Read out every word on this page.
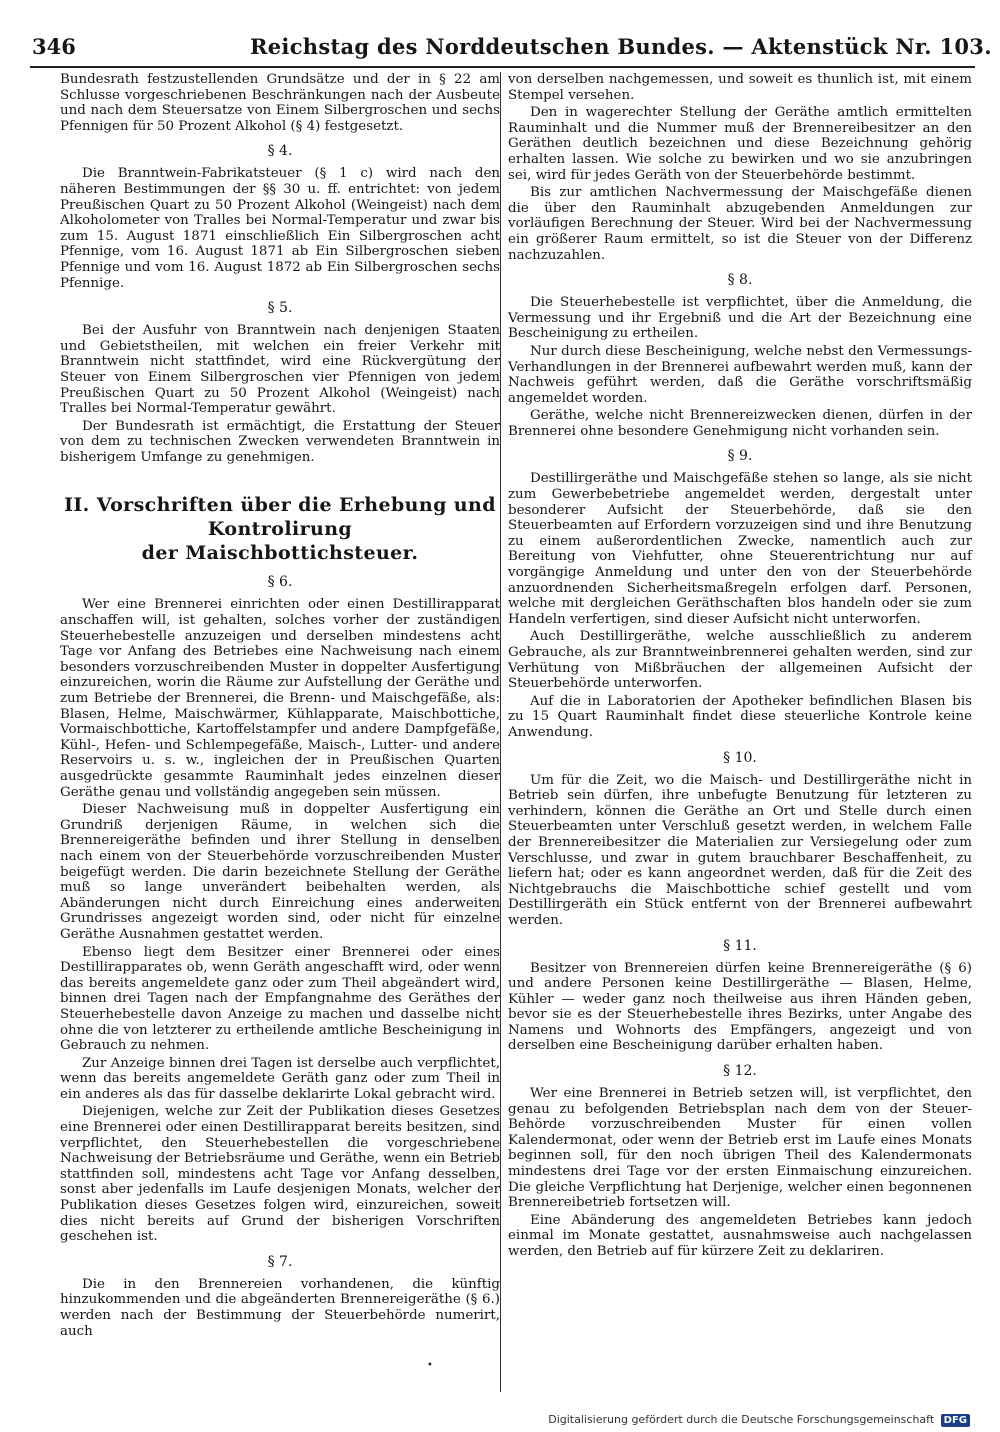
346	Reichstag des Norddeutschen Bundes. — Aktenstück Nr. 103.

Bundesrath festzustellenden Grundsätze und der in § 22 am Schlusse vorgeschriebenen Beschränkungen nach der Ausbeute und nach dem Steuersatze von Einem Silbergroschen und sechs Pfennigen für 50 Prozent Alkohol (§ 4) festgesetzt.

§ 4.

Die Branntwein-Fabrikatsteuer (§ 1 c) wird nach den näheren Bestimmungen der §§ 30 u. ff. entrichtet: von jedem Preußischen Quart zu 50 Prozent Alkohol (Weingeist) nach dem Alkoholometer von Tralles bei Normal-Temperatur und zwar bis zum 15. August 1871 einschließlich Ein Silbergroschen acht Pfennige, vom 16. August 1871 ab Ein Silbergroschen sieben Pfennige und vom 16. August 1872 ab Ein Silbergroschen sechs Pfennige.

§ 5.

Bei der Ausfuhr von Branntwein nach denjenigen Staaten und Gebietstheilen, mit welchen ein freier Verkehr mit Branntwein nicht stattfindet, wird eine Rückvergütung der Steuer von Einem Silbergroschen vier Pfennigen von jedem Preußischen Quart zu 50 Prozent Alkohol (Weingeist) nach Tralles bei Normal-Temperatur gewährt.

Der Bundesrath ist ermächtigt, die Erstattung der Steuer von dem zu technischen Zwecken verwendeten Branntwein in bisherigem Umfange zu genehmigen.

II. Vorschriften über die Erhebung und Kontrolirung
der Maischbottichsteuer.
§ 6.

Wer eine Brennerei einrichten oder einen Destillirapparat anschaffen will, ist gehalten, solches vorher der zuständigen Steuerhebestelle anzuzeigen und derselben mindestens acht Tage vor Anfang des Betriebes eine Nachweisung nach einem besonders vorzuschreibenden Muster in doppelter Ausfertigung einzureichen, worin die Räume zur Aufstellung der Geräthe und zum Betriebe der Brennerei, die Brenn- und Maischgefäße, als: Blasen, Helme, Maischwärmer, Kühlapparate, Maischbottiche, Vormaischbottiche, Kartoffelstampfer und andere Dampfgefäße, Kühl-, Hefen- und Schlempegefäße, Maisch-, Lutter- und andere Reservoirs u. s. w., ingleichen der in Preußischen Quarten ausgedrückte gesammte Rauminhalt jedes einzelnen dieser Geräthe genau und vollständig angegeben sein müssen.

Dieser Nachweisung muß in doppelter Ausfertigung ein Grundriß derjenigen Räume, in welchen sich die Brennereigeräthe befinden und ihrer Stellung in denselben nach einem von der Steuerbehörde vorzuschreibenden Muster beigefügt werden. Die darin bezeichnete Stellung der Geräthe muß so lange unverändert beibehalten werden, als Abänderungen nicht durch Einreichung eines anderweiten Grundrisses angezeigt worden sind, oder nicht für einzelne Geräthe Ausnahmen gestattet werden.

Ebenso liegt dem Besitzer einer Brennerei oder eines Destillirapparates ob, wenn Geräth angeschafft wird, oder wenn das bereits angemeldete ganz oder zum Theil abgeändert wird, binnen drei Tagen nach der Empfangnahme des Geräthes der Steuerhebestelle davon Anzeige zu machen und dasselbe nicht ohne die von letzterer zu ertheilende amtliche Bescheinigung in Gebrauch zu nehmen.

Zur Anzeige binnen drei Tagen ist derselbe auch verpflichtet, wenn das bereits angemeldete Geräth ganz oder zum Theil in ein anderes als das für dasselbe deklarirte Lokal gebracht wird.

Diejenigen, welche zur Zeit der Publikation dieses Gesetzes eine Brennerei oder einen Destillirapparat bereits besitzen, sind verpflichtet, den Steuerhebestellen die vorgeschriebene Nachweisung der Betriebsräume und Geräthe, wenn ein Betrieb stattfinden soll, mindestens acht Tage vor Anfang desselben, sonst aber jedenfalls im Laufe desjenigen Monats, welcher der Publikation dieses Gesetzes folgen wird, einzureichen, soweit dies nicht bereits auf Grund der bisherigen Vorschriften geschehen ist.

§ 7.

Die in den Brennereien vorhandenen, die künftig hinzukommenden und die abgeänderten Brennereigeräthe (§ 6.) werden nach der Bestimmung der Steuerbehörde numerirt, auch

von derselben nachgemessen, und soweit es thunlich ist, mit einem Stempel versehen.

Den in wagerechter Stellung der Geräthe amtlich ermittelten Rauminhalt und die Nummer muß der Brennereibesitzer an den Geräthen deutlich bezeichnen und diese Bezeichnung gehörig erhalten lassen. Wie solche zu bewirken und wo sie anzubringen sei, wird für jedes Geräth von der Steuerbehörde bestimmt.

Bis zur amtlichen Nachvermessung der Maischgefäße dienen die über den Rauminhalt abzugebenden Anmeldungen zur vorläufigen Berechnung der Steuer. Wird bei der Nachvermessung ein größerer Raum ermittelt, so ist die Steuer von der Differenz nachzuzahlen.

§ 8.

Die Steuerhebestelle ist verpflichtet, über die Anmeldung, die Vermessung und ihr Ergebniß und die Art der Bezeichnung eine Bescheinigung zu ertheilen.

Nur durch diese Bescheinigung, welche nebst den Vermessungs-Verhandlungen in der Brennerei aufbewahrt werden muß, kann der Nachweis geführt werden, daß die Geräthe vorschriftsmäßig angemeldet worden.

Geräthe, welche nicht Brennereizwecken dienen, dürfen in der Brennerei ohne besondere Genehmigung nicht vorhanden sein.

§ 9.

Destillirgeräthe und Maischgefäße stehen so lange, als sie nicht zum Gewerbebetriebe angemeldet werden, dergestalt unter besonderer Aufsicht der Steuerbehörde, daß sie den Steuerbeamten auf Erfordern vorzuzeigen sind und ihre Benutzung zu einem außerordentlichen Zwecke, namentlich auch zur Bereitung von Viehfutter, ohne Steuerentrichtung nur auf vorgängige Anmeldung und unter den von der Steuerbehörde anzuordnenden Sicherheitsmaßregeln erfolgen darf. Personen, welche mit dergleichen Geräthschaften blos handeln oder sie zum Handeln verfertigen, sind dieser Aufsicht nicht unterworfen.

Auch Destillirgeräthe, welche ausschließlich zu anderem Gebrauche, als zur Branntweinbrennerei gehalten werden, sind zur Verhütung von Mißbräuchen der allgemeinen Aufsicht der Steuerbehörde unterworfen.

Auf die in Laboratorien der Apotheker befindlichen Blasen bis zu 15 Quart Rauminhalt findet diese steuerliche Kontrole keine Anwendung.

§ 10.

Um für die Zeit, wo die Maisch- und Destillirgeräthe nicht in Betrieb sein dürfen, ihre unbefugte Benutzung für letzteren zu verhindern, können die Geräthe an Ort und Stelle durch einen Steuerbeamten unter Verschluß gesetzt werden, in welchem Falle der Brennereibesitzer die Materialien zur Versiegelung oder zum Verschlusse, und zwar in gutem brauchbarer Beschaffenheit, zu liefern hat; oder es kann angeordnet werden, daß für die Zeit des Nichtgebrauchs die Maischbottiche schief gestellt und vom Destillirgeräth ein Stück entfernt von der Brennerei aufbewahrt werden.

§ 11.

Besitzer von Brennereien dürfen keine Brennereigeräthe (§ 6) und andere Personen keine Destillirgeräthe — Blasen, Helme, Kühler — weder ganz noch theilweise aus ihren Händen geben, bevor sie es der Steuerhebestelle ihres Bezirks, unter Angabe des Namens und Wohnorts des Empfängers, angezeigt und von derselben eine Bescheinigung darüber erhalten haben.

§ 12.

Wer eine Brennerei in Betrieb setzen will, ist verpflichtet, den genau zu befolgenden Betriebsplan nach dem von der Steuer-Behörde vorzuschreibenden Muster für einen vollen Kalendermonat, oder wenn der Betrieb erst im Laufe eines Monats beginnen soll, für den noch übrigen Theil des Kalendermonats mindestens drei Tage vor der ersten Einmaischung einzureichen. Die gleiche Verpflichtung hat Derjenige, welcher einen begonnenen Brennereibetrieb fortsetzen will.

Eine Abänderung des angemeldeten Betriebes kann jedoch einmal im Monate gestattet, ausnahmsweise auch nachgelassen werden, den Betrieb auf für kürzere Zeit zu deklariren.

•
Digitalisierung gefördert durch die Deutsche Forschungsgemeinschaft DFG
